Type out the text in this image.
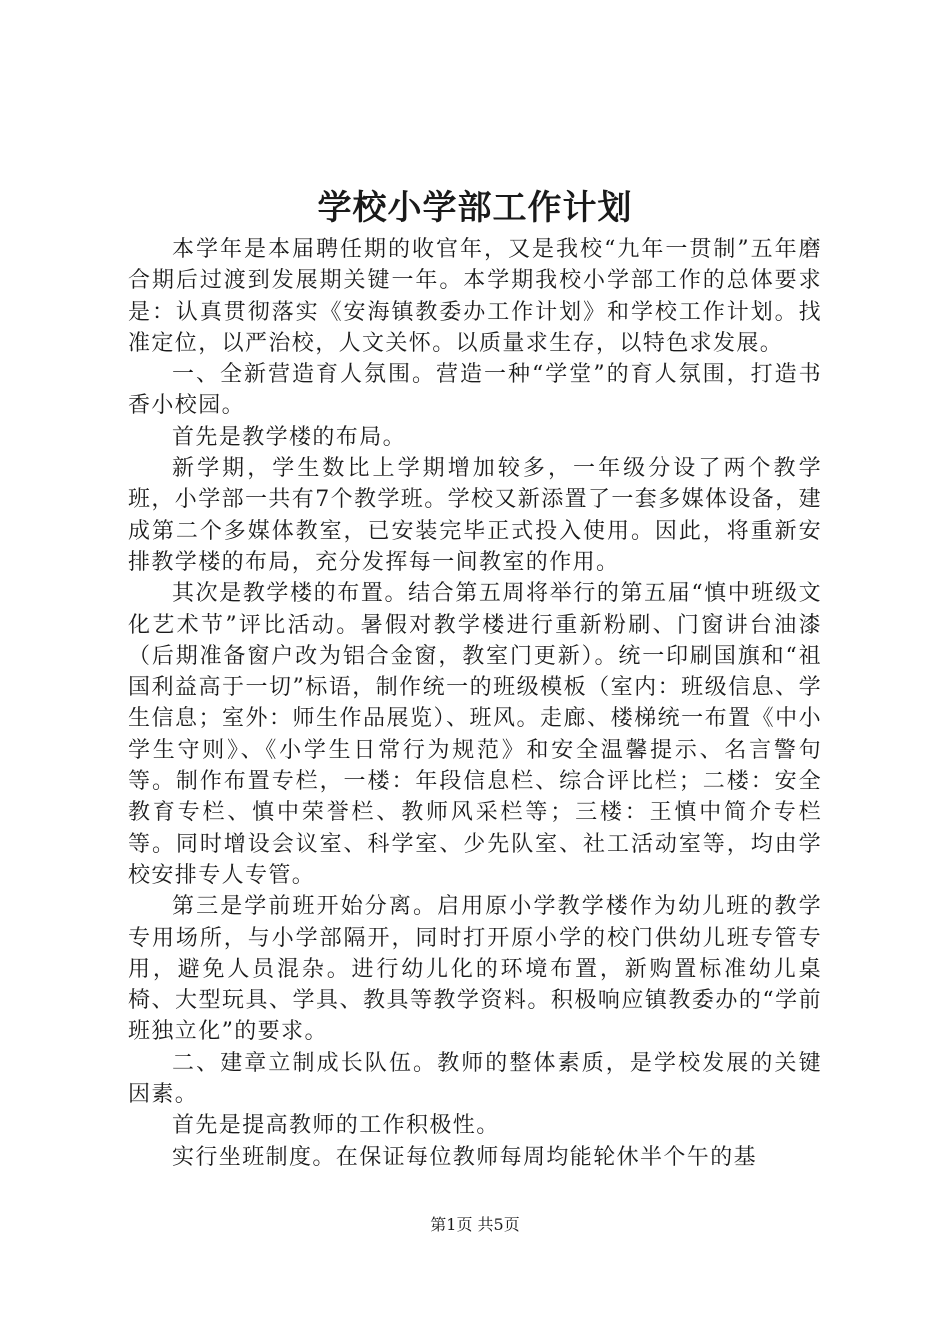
学校小学部工作计划

本学年是本届聘任期的收官年，又是我校“九年一贯制”五年磨合期后过渡到发展期关键一年。本学期我校小学部工作的总体要求是：认真贯彻落实《安海镇教委办工作计划》和学校工作计划。找准定位，以严治校，人文关怀。以质量求生存，以特色求发展。

一、全新营造育人氛围。营造一种“学堂”的育人氛围，打造书香小校园。

首先是教学楼的布局。

新学期，学生数比上学期增加较多，一年级分设了两个教学班，小学部一共有7个教学班。学校又新添置了一套多媒体设备，建成第二个多媒体教室，已安装完毕正式投入使用。因此，将重新安排教学楼的布局，充分发挥每一间教室的作用。

其次是教学楼的布置。结合第五周将举行的第五届“慎中班级文化艺术节”评比活动。暑假对教学楼进行重新粉刷、门窗讲台油漆（后期准备窗户改为铝合金窗，教室门更新）。统一印刷国旗和“祖国利益高于一切”标语，制作统一的班级模板（室内：班级信息、学生信息；室外：师生作品展览）、班风。走廊、楼梯统一布置《中小学生守则》、《小学生日常行为规范》和安全温馨提示、名言警句等。制作布置专栏，一楼：年段信息栏、综合评比栏；二楼：安全教育专栏、慎中荣誉栏、教师风采栏等；三楼：王慎中简介专栏等。同时增设会议室、科学室、少先队室、社工活动室等，均由学校安排专人专管。

第三是学前班开始分离。启用原小学教学楼作为幼儿班的教学专用场所，与小学部隔开，同时打开原小学的校门供幼儿班专管专用，避免人员混杂。进行幼儿化的环境布置，新购置标准幼儿桌椅、大型玩具、学具、教具等教学资料。积极响应镇教委办的“学前班独立化”的要求。

二、建章立制成长队伍。教师的整体素质，是学校发展的关键因素。

首先是提高教师的工作积极性。

实行坐班制度。在保证每位教师每周均能轮休半个午的基

第1页 共5页
